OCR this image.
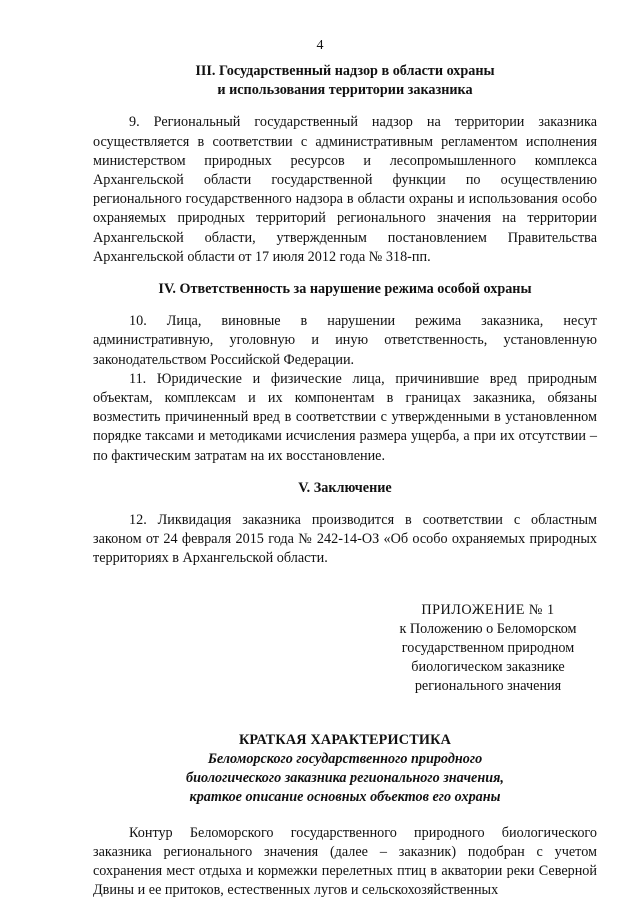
4

III. Государственный надзор в области охраны

и использования территории заказника

9. Региональный государственный надзор на территории заказника осуществляется в соответствии с административным регламентом исполнения министерством природных ресурсов и лесопромышленного комплекса Архангельской области государственной функции по осуществлению регионального государственного надзора в области охраны и использования особо охраняемых природных территорий регионального значения на территории Архангельской области, утвержденным постановлением Правительства Архангельской области от 17 июля 2012 года № 318-пп.

IV. Ответственность за нарушение режима особой охраны

10. Лица, виновные в нарушении режима заказника, несут административную, уголовную и иную ответственность, установленную законодательством Российской Федерации.

11. Юридические и физические лица, причинившие вред природным объектам, комплексам и их компонентам в границах заказника, обязаны возместить причиненный вред в соответствии с утвержденными в установленном порядке таксами и методиками исчисления размера ущерба, а при их отсутствии – по фактическим затратам на их восстановление.

V. Заключение

12. Ликвидация заказника производится в соответствии с областным законом от 24 февраля 2015 года № 242-14-ОЗ «Об особо охраняемых природных территориях в Архангельской области.

ПРИЛОЖЕНИЕ № 1
к Положению о Беломорском
государственном природном
биологическом заказнике
регионального значения

КРАТКАЯ ХАРАКТЕРИСТИКА

Беломорского государственного природного

биологического заказника регионального значения,

краткое описание основных объектов его охраны

Контур Беломорского государственного природного биологического заказника регионального значения (далее – заказник) подобран с учетом сохранения мест отдыха и кормежки перелетных птиц в акватории реки Северной Двины и ее притоков, естественных лугов и сельскохозяйственных
